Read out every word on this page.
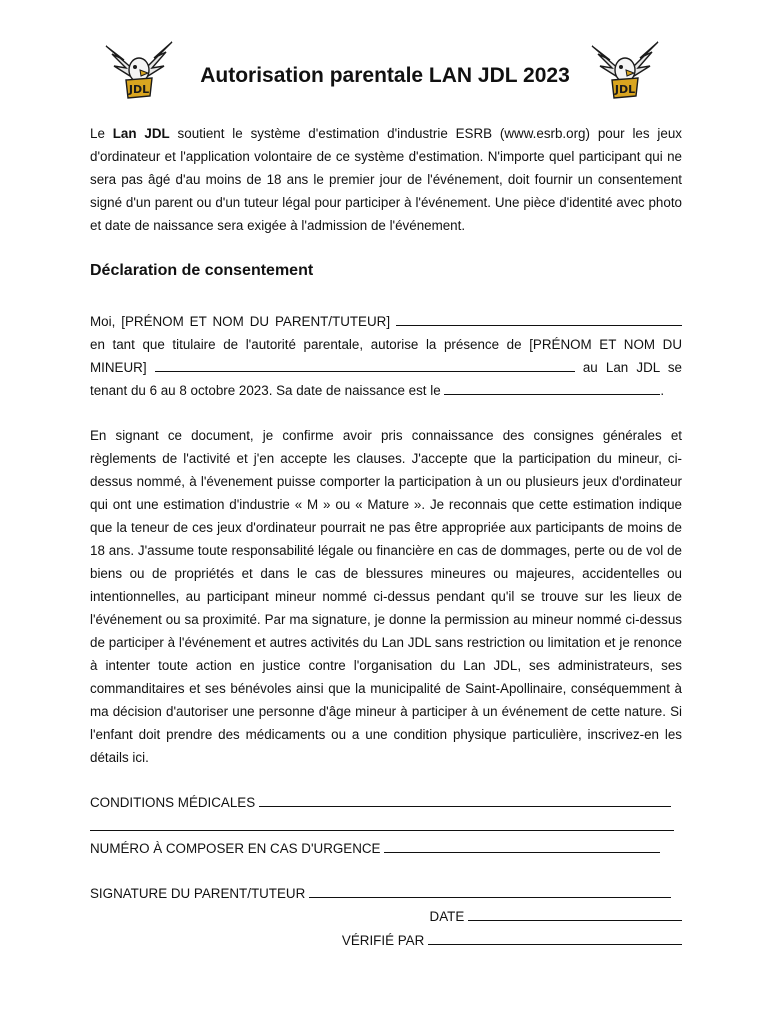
JDL	JDL
Autorisation parentale LAN JDL 2023

Le Lan JDL soutient le système d'estimation d'industrie ESRB (www.esrb.org) pour les jeux d'ordinateur et l'application volontaire de ce système d'estimation. N'importe quel participant qui ne sera pas âgé d'au moins de 18 ans le premier jour de l'événement, doit fournir un consentement signé d'un parent ou d'un tuteur légal pour participer à l'événement. Une pièce d'identité avec photo et date de naissance sera exigée à l'admission de l'événement.

Déclaration de consentement

Moi, [PRÉNOM ET NOM DU PARENT/TUTEUR]  en tant que titulaire de l'autorité parentale, autorise la présence de [PRÉNOM ET NOM DU MINEUR]	au Lan JDL se tenant du 6 au 8 octobre 2023. Sa date de naissance est le	.

En signant ce document, je confirme avoir pris connaissance des consignes générales et règlements de l'activité et j'en accepte les clauses. J'accepte que la participation du mineur, ci-dessus nommé, à l'évenement puisse comporter la participation à un ou plusieurs jeux d'ordinateur qui ont une estimation d'industrie « M » ou « Mature ». Je reconnais que cette estimation indique que la teneur de ces jeux d'ordinateur pourrait ne pas être appropriée aux participants de moins de 18 ans. J'assume toute responsabilité légale ou financière en cas de dommages, perte ou de vol de biens ou de propriétés et dans le cas de blessures mineures ou majeures, accidentelles ou intentionnelles, au participant mineur nommé ci-dessus pendant qu'il se trouve sur les lieux de l'événement ou sa proximité. Par ma signature, je donne la permission au mineur nommé ci-dessus de participer à l'événement et autres activités du Lan JDL sans restriction ou limitation et je renonce à intenter toute action en justice contre l'organisation du Lan JDL, ses administrateurs, ses commanditaires et ses bénévoles ainsi que la municipalité de Saint-Apollinaire, conséquemment à ma décision d'autoriser une personne d'âge mineur à participer à un événement de cette nature. Si l'enfant doit prendre des médicaments ou a une condition physique particulière, inscrivez-en les détails ici.

CONDITIONS MÉDICALES

NUMÉRO À COMPOSER EN CAS D'URGENCE

SIGNATURE DU PARENT/TUTEUR

DATE

VÉRIFIÉ PAR
